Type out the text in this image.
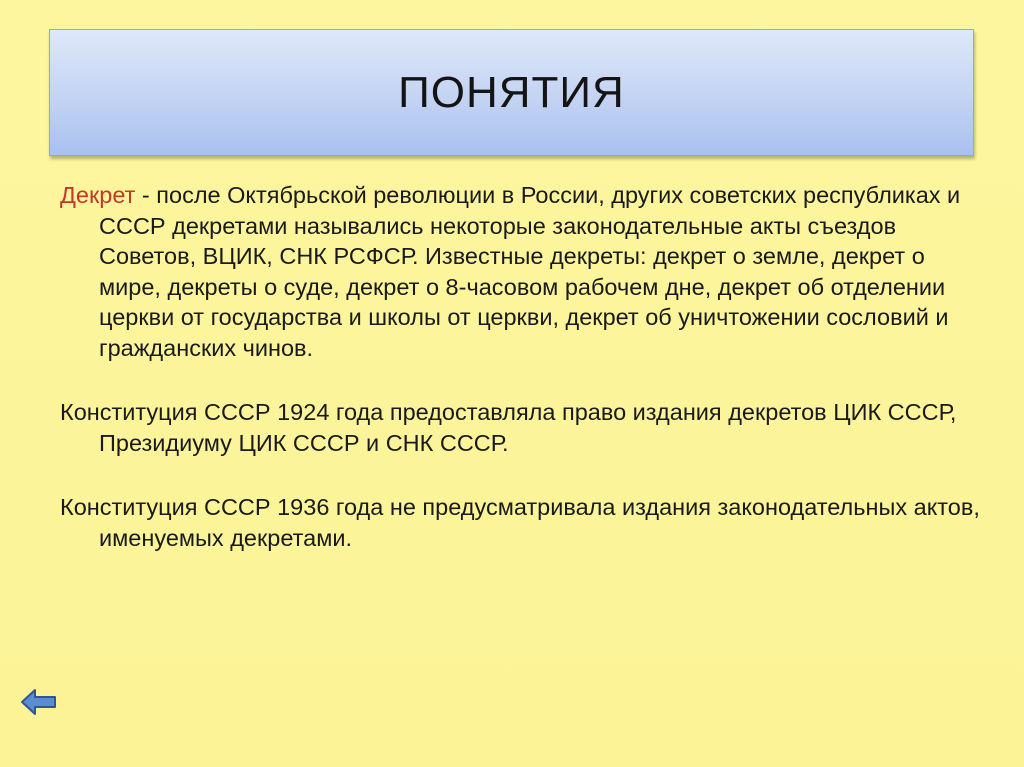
ПОНЯТИЯ

Декрет - после Октябрьской революции в России, других советских республиках и СССР декретами назывались некоторые законодательные акты съездов Советов, ВЦИК, СНК РСФСР. Известные декреты: декрет о земле, декрет о мире, декреты о суде, декрет о 8-часовом рабочем дне, декрет об отделении церкви от государства и школы от церкви, декрет об уничтожении сословий и гражданских чинов.

Конституция СССР 1924 года предоставляла право издания декретов ЦИК СССР, Президиуму ЦИК СССР и СНК СССР.

Конституция СССР 1936 года не предусматривала издания законодательных актов, именуемых декретами.
